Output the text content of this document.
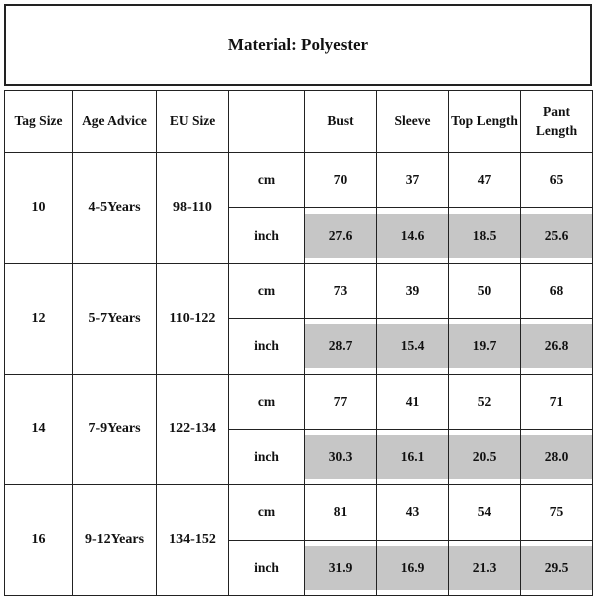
Material: Polyester
Tag Size	Age Advice	EU Size		Bust	Sleeve	Top Length	Pant Length
10	4-5Years	98-110	cm	70	37	47	65
			inch	27.6	14.6	18.5	25.6

12	5-7Years	110-122	cm	73	39	50	68
			inch	28.7	15.4	19.7	26.8

14	7-9Years	122-134	cm	77	41	52	71
			inch	30.3	16.1	20.5	28.0

16	9-12Years	134-152	cm	81	43	54	75
			inch	31.9	16.9	21.3	29.5
